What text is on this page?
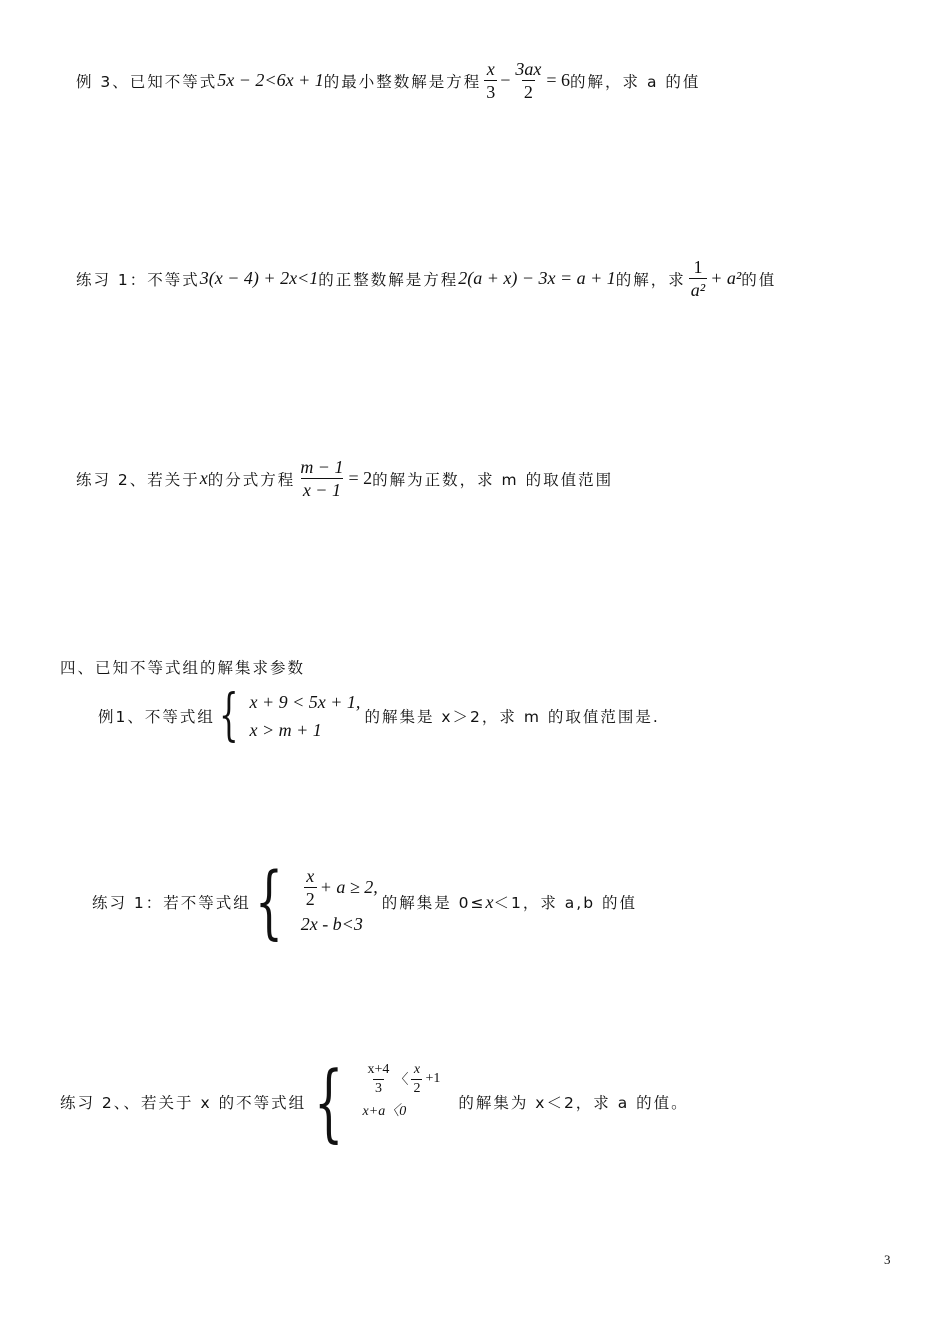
例 3、已知不等式 5x − 2<6x + 1 的最小整数解是方程 $\frac{x}{3} - \frac{3ax}{2} = 6$ 的解，求 a 的值
练习 1：不等式 3(x − 4) + 2x<1 的正整数解是方程 2(a + x) − 3x = a + 1 的解，求 $\frac{1}{\text{a²}} + a^2$ 的值
练习 2、若关于 x 的分式方程 $\frac{m - 1}{x - 1} = 2$ 的解为正数，求 m 的取值范围
四、已知不等式组的解集求参数
例1、不等式组 { x + 9 < 5x + 1,
x > m + 1
的解集是 x＞2，求 m 的取值范围是.
练习 1：若不等式组 { $\frac{x}{2} + a \ge 2$,
2x - b<3
的解集是 0≤ x ＜1，求 a,b 的值
练习 2、、若关于 x 的不等式组 { $\frac{x+4}{3}$ 〈 $\frac{x}{2} +1$
x+a〈0	的解集为 x＜2，求 a 的值。
3
